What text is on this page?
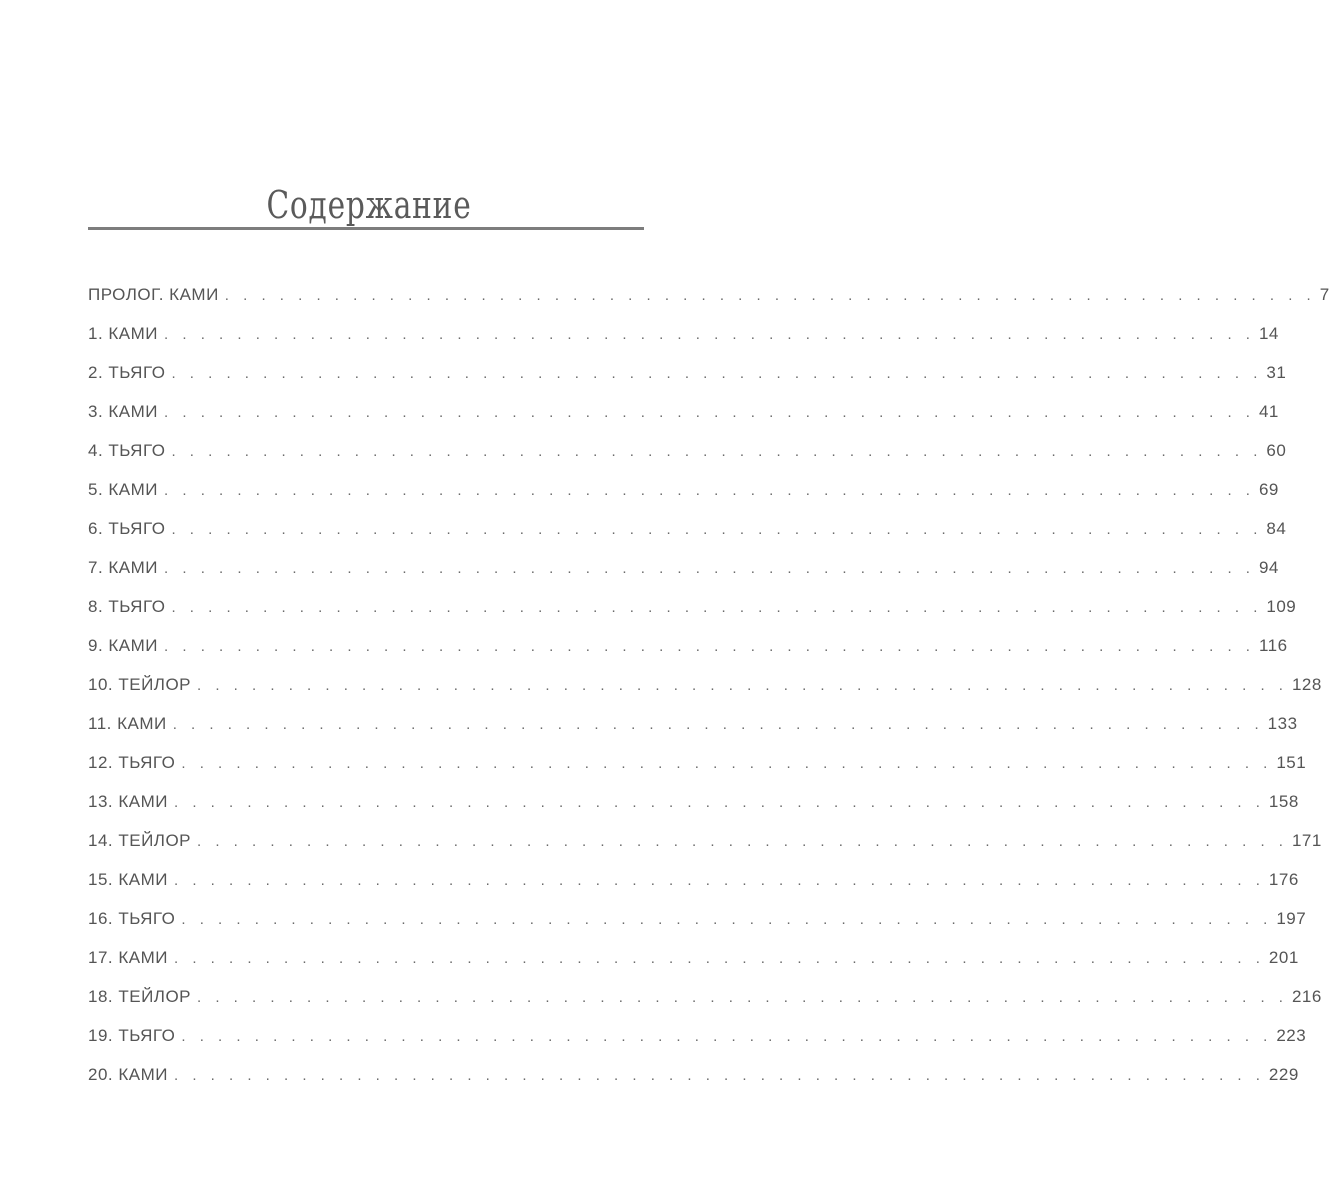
Содержание
ПРОЛОГ. КАМИ . . . . . . . . . . . . . . . . . . . . . . . . . . . . . . . . . . . . . . . . . . . . . . . . . . . . . . . . . . . . 7
1. КАМИ . . . . . . . . . . . . . . . . . . . . . . . . . . . . . . . . . . . . . . . . . . . . . . . . . . . . . . . . . . . . 14
2. ТЬЯГО . . . . . . . . . . . . . . . . . . . . . . . . . . . . . . . . . . . . . . . . . . . . . . . . . . . . . . . . . . . . 31
3. КАМИ . . . . . . . . . . . . . . . . . . . . . . . . . . . . . . . . . . . . . . . . . . . . . . . . . . . . . . . . . . . . 41
4. ТЬЯГО . . . . . . . . . . . . . . . . . . . . . . . . . . . . . . . . . . . . . . . . . . . . . . . . . . . . . . . . . . . . 60
5. КАМИ . . . . . . . . . . . . . . . . . . . . . . . . . . . . . . . . . . . . . . . . . . . . . . . . . . . . . . . . . . . . 69
6. ТЬЯГО . . . . . . . . . . . . . . . . . . . . . . . . . . . . . . . . . . . . . . . . . . . . . . . . . . . . . . . . . . . . 84
7. КАМИ . . . . . . . . . . . . . . . . . . . . . . . . . . . . . . . . . . . . . . . . . . . . . . . . . . . . . . . . . . . . 94
8. ТЬЯГО . . . . . . . . . . . . . . . . . . . . . . . . . . . . . . . . . . . . . . . . . . . . . . . . . . . . . . . . . . . . 109
9. КАМИ . . . . . . . . . . . . . . . . . . . . . . . . . . . . . . . . . . . . . . . . . . . . . . . . . . . . . . . . . . . . 116
10. ТЕЙЛОР . . . . . . . . . . . . . . . . . . . . . . . . . . . . . . . . . . . . . . . . . . . . . . . . . . . . . . . . . . . . 128
11. КАМИ . . . . . . . . . . . . . . . . . . . . . . . . . . . . . . . . . . . . . . . . . . . . . . . . . . . . . . . . . . . . 133
12. ТЬЯГО . . . . . . . . . . . . . . . . . . . . . . . . . . . . . . . . . . . . . . . . . . . . . . . . . . . . . . . . . . . . 151
13. КАМИ . . . . . . . . . . . . . . . . . . . . . . . . . . . . . . . . . . . . . . . . . . . . . . . . . . . . . . . . . . . . 158
14. ТЕЙЛОР . . . . . . . . . . . . . . . . . . . . . . . . . . . . . . . . . . . . . . . . . . . . . . . . . . . . . . . . . . . . 171
15. КАМИ . . . . . . . . . . . . . . . . . . . . . . . . . . . . . . . . . . . . . . . . . . . . . . . . . . . . . . . . . . . . 176
16. ТЬЯГО . . . . . . . . . . . . . . . . . . . . . . . . . . . . . . . . . . . . . . . . . . . . . . . . . . . . . . . . . . . . 197
17. КАМИ . . . . . . . . . . . . . . . . . . . . . . . . . . . . . . . . . . . . . . . . . . . . . . . . . . . . . . . . . . . . 201
18. ТЕЙЛОР . . . . . . . . . . . . . . . . . . . . . . . . . . . . . . . . . . . . . . . . . . . . . . . . . . . . . . . . . . . . 216
19. ТЬЯГО . . . . . . . . . . . . . . . . . . . . . . . . . . . . . . . . . . . . . . . . . . . . . . . . . . . . . . . . . . . . 223
20. КАМИ . . . . . . . . . . . . . . . . . . . . . . . . . . . . . . . . . . . . . . . . . . . . . . . . . . . . . . . . . . . . 229
